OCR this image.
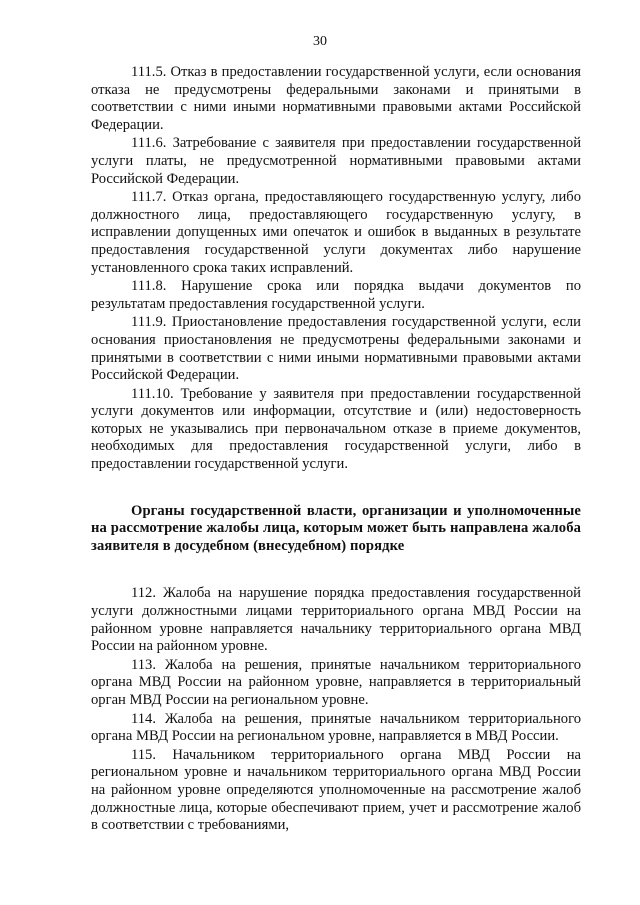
30

111.5. Отказ в предоставлении государственной услуги, если основания отказа не предусмотрены федеральными законами и принятыми в соответствии с ними иными нормативными правовыми актами Российской Федерации.

111.6. Затребование с заявителя при предоставлении государственной услуги платы, не предусмотренной нормативными правовыми актами Российской Федерации.

111.7. Отказ органа, предоставляющего государственную услугу, либо должностного лица, предоставляющего государственную услугу, в исправлении допущенных ими опечаток и ошибок в выданных в результате предоставления государственной услуги документах либо нарушение установленного срока таких исправлений.

111.8. Нарушение срока или порядка выдачи документов по результатам предоставления государственной услуги.

111.9. Приостановление предоставления государственной услуги, если основания приостановления не предусмотрены федеральными законами и принятыми в соответствии с ними иными нормативными правовыми актами Российской Федерации.

111.10. Требование у заявителя при предоставлении государственной услуги документов или информации, отсутствие и (или) недостоверность которых не указывались при первоначальном отказе в приеме документов, необходимых для предоставления государственной услуги, либо в предоставлении государственной услуги.

Органы государственной власти, организации и уполномоченные на рассмотрение жалобы лица, которым может быть направлена жалоба заявителя в досудебном (внесудебном) порядке

112. Жалоба на нарушение порядка предоставления государственной услуги должностными лицами территориального органа МВД России на районном уровне направляется начальнику территориального органа МВД России на районном уровне.

113. Жалоба на решения, принятые начальником территориального органа МВД России на районном уровне, направляется в территориальный орган МВД России на региональном уровне.

114. Жалоба на решения, принятые начальником территориального органа МВД России на региональном уровне, направляется в МВД России.

115. Начальником территориального органа МВД России на региональном уровне и начальником территориального органа МВД России на районном уровне определяются уполномоченные на рассмотрение жалоб должностные лица, которые обеспечивают прием, учет и рассмотрение жалоб в соответствии с требованиями,
